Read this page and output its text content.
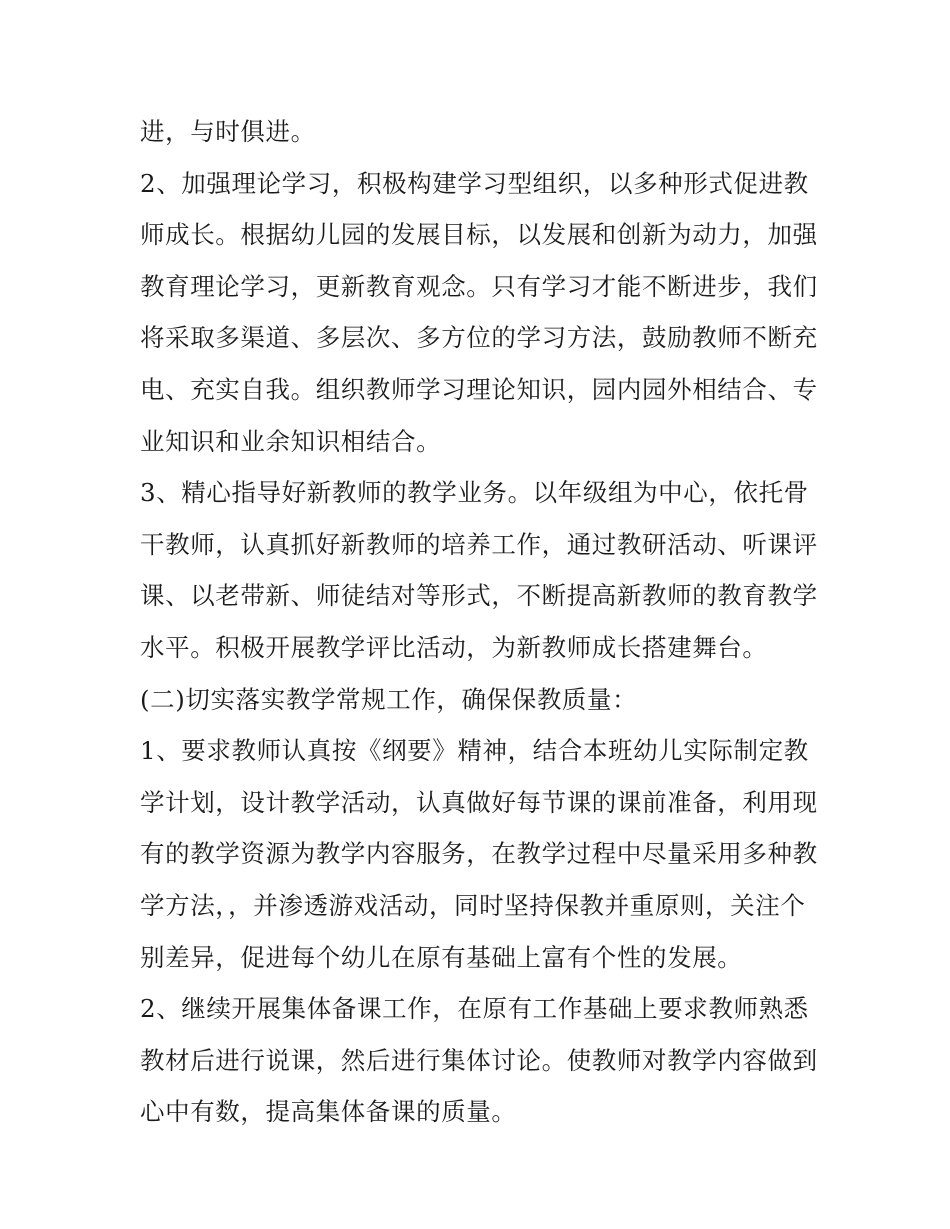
进，与时俱进。

2、加强理论学习，积极构建学习型组织，以多种形式促进教

师成长。根据幼儿园的发展目标，以发展和创新为动力，加强

教育理论学习，更新教育观念。只有学习才能不断进步，我们

将采取多渠道、多层次、多方位的学习方法，鼓励教师不断充

电、充实自我。组织教师学习理论知识，园内园外相结合、专

业知识和业余知识相结合。

3、精心指导好新教师的教学业务。以年级组为中心，依托骨

干教师，认真抓好新教师的培养工作，通过教研活动、听课评

课、以老带新、师徒结对等形式，不断提高新教师的教育教学

水平。积极开展教学评比活动，为新教师成长搭建舞台。

(二)切实落实教学常规工作，确保保教质量：

1、要求教师认真按《纲要》精神，结合本班幼儿实际制定教

学计划，设计教学活动，认真做好每节课的课前准备，利用现

有的教学资源为教学内容服务，在教学过程中尽量采用多种教

学方法，，并渗透游戏活动，同时坚持保教并重原则，关注个

别差异，促进每个幼儿在原有基础上富有个性的发展。

2、继续开展集体备课工作，在原有工作基础上要求教师熟悉

教材后进行说课，然后进行集体讨论。使教师对教学内容做到

心中有数，提高集体备课的质量。
